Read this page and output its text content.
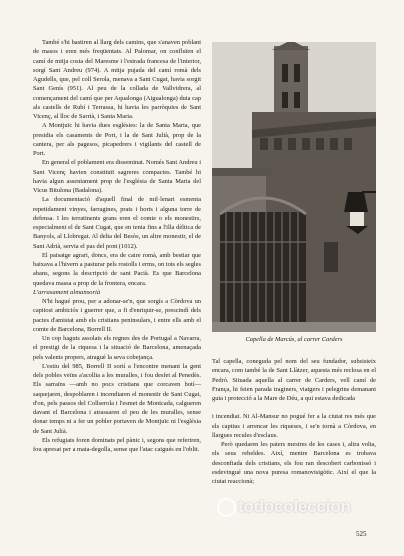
També s'hi bastiren al llarg dels camins, que s'anaven poblant de masos i eren més freqüentats. Al Palomar, on confluïen el camí de mitja costa del Maresme i l'estrada francesa de l'interior, sorgí Sant Andreu (974). A mitja pujada del camí romà dels Agudells, que, pel coll Serola, menava a Sant Cugat, havia sorgit Sant Genís (951). Al peu de la collada de Vallvidrera, al començament del camí que per Aqualonga (Aigualonga) duia cap als castells de Rubí i Terrassa, hi havia les parròquies de Sant Vicenç, al lloc de Sarrià, i Santa Maria.

A Montjuïc hi havia dues esglésies: la de Santa Maria, que presidia els casaments de Port, i la de Sant Julià, prop de la cantera, per als pagesos, picapedrers i vigilants del castell de Port.

En general el poblament era disseminat. Només Sant Andreu i Sant Vicenç havien constituït sagreres compactes. També hi havia algun assentament prop de l'església de Santa Maria del Vicus Bitulona (Badalona).

La documentació d'aquell final de mil·lenari esmenta repetidament vinyes, farragines, prats i horts i alguna torre de defensa. I les terratinents grans eren el comte o els monestirs, especialment el de Sant Cugat, que en tenia fins a l'illa dèltica de Banyols, al Llobregat. Al delta del Besòs, un altre monestir, el de Sant Adrià, servia el pas del pont (1012).

El paisatge agrari, doncs, era de caire romà, amb bestiar que baixava a l'hivern a pasturar pels rostolls i erms, on tots els segles abans, segons la descripció de sant Pacià. Es que Barcelona quedava massa a prop de la frontera, encara.

L'arrasament almansorià

N'hi hagué prou, per a adonar-se'n, que sorgís a Còrdova un capitost ambiciós i guerrer que, a fi d'enriquir-se, prescindí dels pactes d'amistat amb els cristians peninsulars, i entre ells amb el comte de Barcelona, Borrell II.

Un cop haguts assolats els regnes des de Portugal a Navarra, el prestigi de la riquesa i la situació de Barcelona, amenaçada pels valents propers, atragué la seva cobejança.

L'estiu del 985, Borrell II sortí a l'encontre menant la gent dels pobles veïns a'acollia a les muralles, i fou desfet al Penedès. Els sarraïns —amb no pocs cristians que corcaven botí— saquejaren, despoblaren i incendiaren el monestir de Sant Cugat, d'on, pels passos del Collserola i l'esmet de Montcada, calgueren davant el Barcelona i atrassaren el peu de les muralles, sense donar temps ni a fer un pobler portaven de Montjuïc ni l'església de Sant Julià.

Els refugiats foren dominats pel pànic i, segons que referiren, fou apresat per a mata-degolla, sense que l'atac caigués en l'oblit.

Capella de Marcús, al carrer Carders

Tal capella, coneguda pel nom del seu fundador, subsisteix encara, com també la de Sant Llàtzer, aquesta més reclosa en el Pedró. Situada aquella al carrer de Carders, vell camí de França, hi feien parada traginers, viatgers i pelegrins demanant guia i protecció a la Mare de Déu, a qui estava dedicada

i incendiat. Ni Al-Mansur no pogué fer a la ciutat res més que els captius i arrencar les riqueses, i se'n tornà a Còrdova, en llargues recules d'esclaus.

Però quedaren les paters mestres de les cases i, altra volta, els seus rebeldes. Així, mentre Barcelona es trobava desconfiada dels cristians, els fou ran descobert carbonissó i esdevingué una nova puresa romanovisigòtic. Així el que la ciutat reaccionà;

todocoleccion
525
